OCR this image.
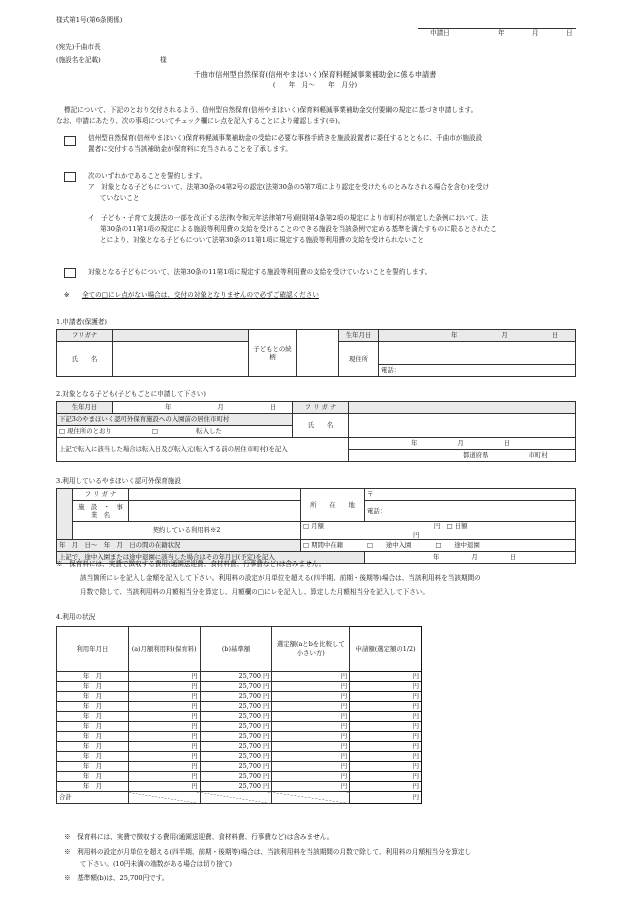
様式第1号(第6条関係)
申請日	年	月	日
(宛先)千曲市長
(施設名を記載)	様
千曲市信州型自然保育(信州やまほいく)保育料軽減事業補助金に係る申請書
(　　年　月～　　年　月分)
標記について、下記のとおり交付されるよう、信州型自然保育(信州やまほいく)保育料軽減事業補助金交付要綱の規定に基づき申請します。
なお、申請にあたり、次の事項についてチェック欄にレ点を記入することにより確認します(※)。
信州型自然保育(信州やまほいく)保育料軽減事業補助金の受給に必要な事務手続きを施設設置者に委任するとともに、千曲市が施設設
置者に交付する当該補助金が保育料に充当されることを了承します。
次のいずれかであることを誓約します。
ア　対象となる子どもについて、法第30条の4第2号の認定(法第30条の5第7項により認定を受けたものとみなされる場合を含む)を受け
ていないこと
イ　子ども・子育て支援法の一部を改正する法律(令和元年法律第7号)附則第4条第2項の規定により市町村が制定した条例において、法
第30条の11第1項の規定による施設等利用費の支給を受けることのできる施設を当該条例で定める基準を満たすものに限るとされたこ
とにより、対象となる子どもについて法第30条の11第1項に規定する施設等利用費の支給を受けられないこと
対象となる子どもについて、法第30条の11第1項に規定する施設等利用費の支給を受けていないことを誓約します。
※ 全ての□にレ点がない場合は、交付の対象となりませんので必ずご確認ください
1.申請者(保護者)
フリガナ		子どもとの続柄		生年月日	年 月 日
氏　　名				現住所	
					電話：
2.対象となる子ども(子どもごとに申請して下さい)
生年月日	年 月 日	フ リ ガ ナ	
下記3のやまほいく認可外保育施設への入園前の居住市町村		氏　　名	
□ 現住所のとおり □　　　　　　転入した			
上記で転入に該当した場合は転入日及び転入元(転入する前の居住市町村)を記入			年 月 日
			都道府県 市町村
3.利用しているやまほいく認可外保育施設
	フ リ ガ ナ		所　　在　　地	〒
	施　設　・　事　業　名			電話：
	契約している利用料※2		□ 月額 円　□ 日額円	
年　月　日～　年　月　日の間の在籍状況			□ 期間中在籍 □　　途中入園 □　　途中退園	
上記で、途中入園または途中退園に該当した場合はその年月日(予定)を記入				年 月 日
※　保育料には、実費で徴収する費用(通園送迎費、食材料費、行事費など)は含みません。
該当箇所にレを記入し金額を記入して下さい。利用料の設定が月単位を超える(四半期、前期・後期等)場合は、当該利用料を当該期間の
月数で除して、当該利用料の月額相当分を算定し、月額欄の□にレを記入し、算定した月額相当分を記入して下さい。
4.利用の状況
利用年月日	(a)月額利用料(保育料)	(b)基準額	選定額(aとbを比較して小さい方)	申請額(選定額の1/2)
年　月	円	25,700 円	円	円
年　月	円	25,700 円	円	円
年　月	円	25,700 円	円	円
年　月	円	25,700 円	円	円
年　月	円	25,700 円	円	円
年　月	円	25,700 円	円	円
年　月	円	25,700 円	円	円
年　月	円	25,700 円	円	円
年　月	円	25,700 円	円	円
年　月	円	25,700 円	円	円
年　月	円	25,700 円	円	円
年　月	円	25,700 円	円	円
合計				円
※　保育料には、実費で徴収する費用(通園送迎費、食材料費、行事費など)は含みません。
※　利用料の設定が月単位を超える(四半期、前期・後期等)場合は、当該利用料を当該期間の月数で除して、利用料の月額相当分を算定し
て下さい。(10円未満の端数がある場合は切り捨て)
※　基準額(b)は、25,700円です。
